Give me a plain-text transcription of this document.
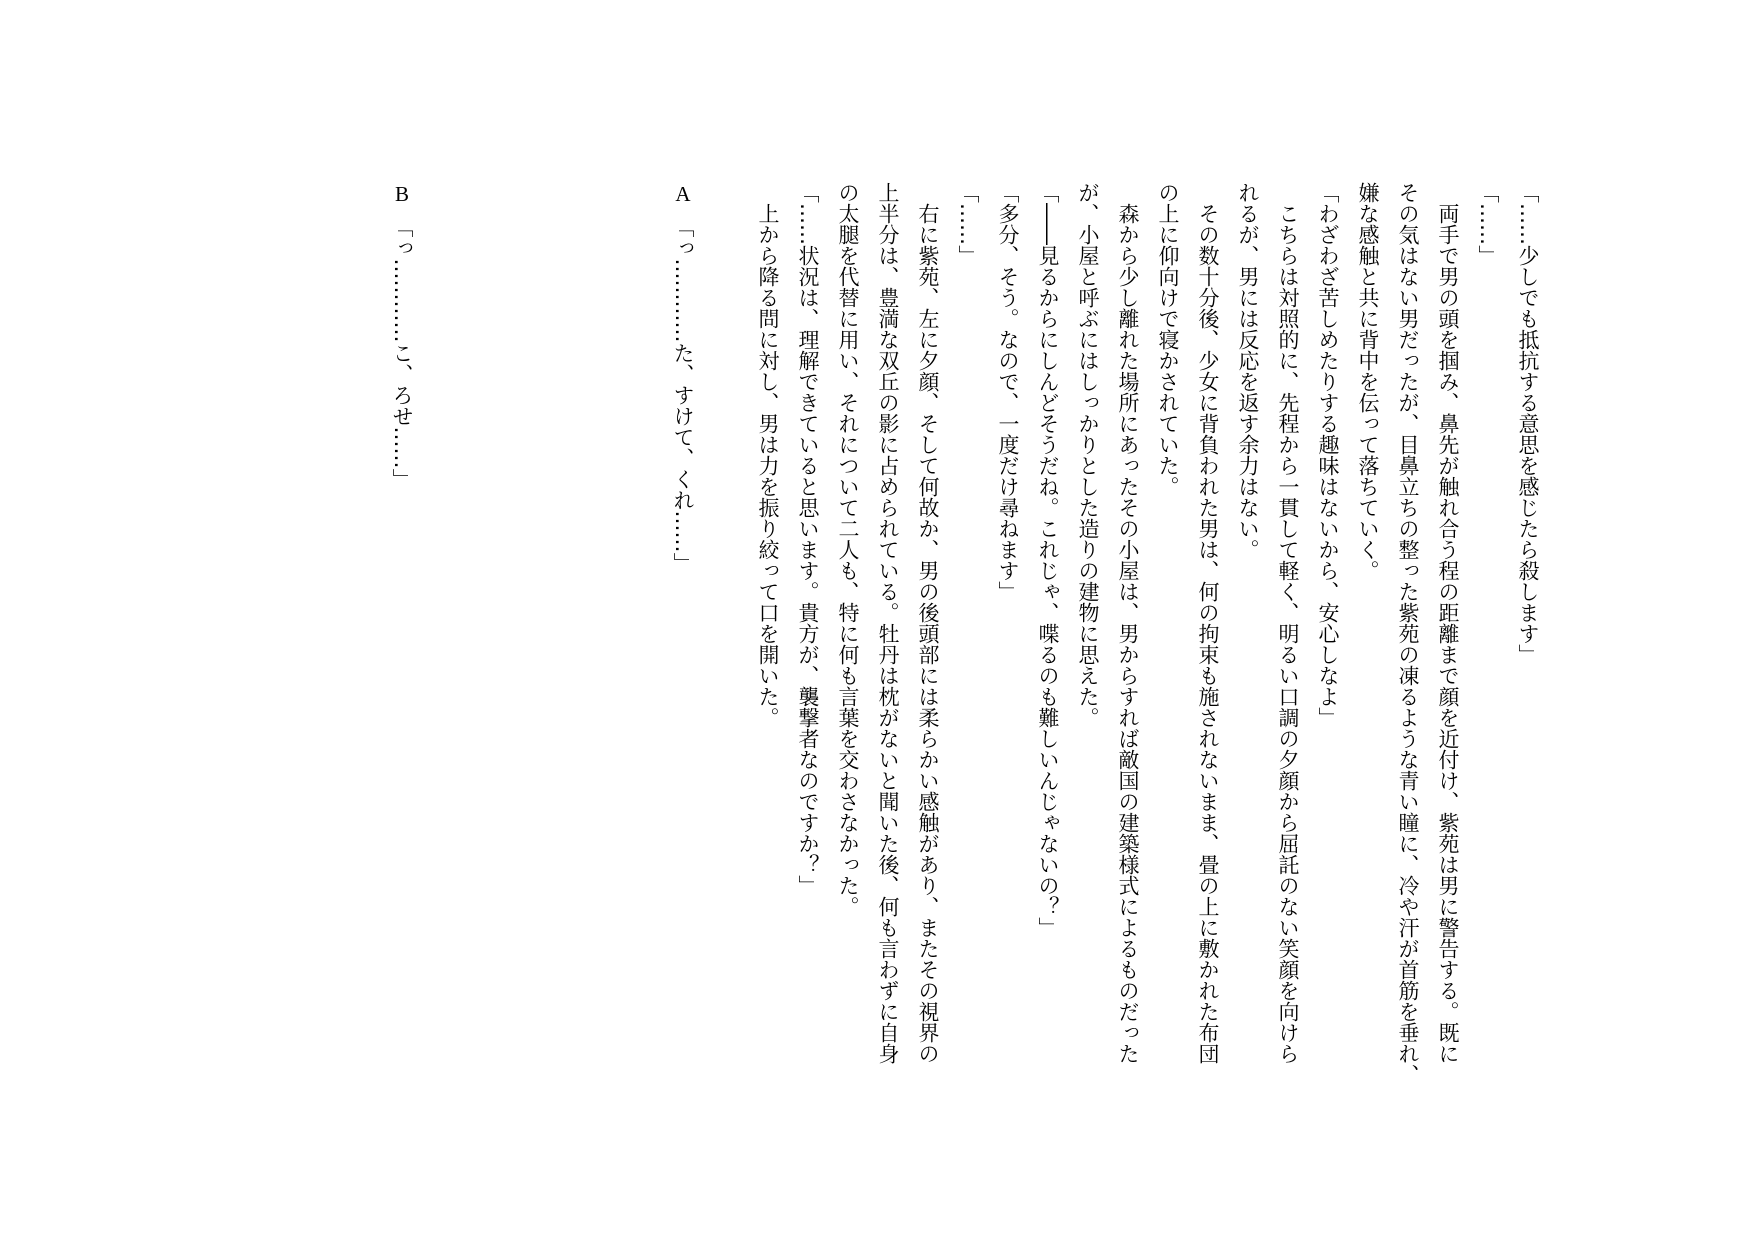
「……少しでも抵抗する意思を感じたら殺します」
「……」
　両手で男の頭を掴み、鼻先が触れ合う程の距離まで顔を近付け、紫苑は男に警告する。既に
その気はない男だったが、目鼻立ちの整った紫苑の凍るような青い瞳に、冷や汗が首筋を垂れ、
嫌な感触と共に背中を伝って落ちていく。
「わざわざ苦しめたりする趣味はないから、安心しなよ」
　こちらは対照的に、先程から一貫して軽く、明るい口調の夕顔から屈託のない笑顔を向けら
れるが、男には反応を返す余力はない。
　その数十分後、少女に背負われた男は、何の拘束も施されないまま、畳の上に敷かれた布団
の上に仰向けで寝かされていた。
　森から少し離れた場所にあったその小屋は、男からすれば敵国の建築様式によるものだった
が、小屋と呼ぶにはしっかりとした造りの建物に思えた。
「――見るからにしんどそうだね。これじゃ、喋るのも難しいんじゃないの？」
「多分、そう。なので、一度だけ尋ねます」
「……」
　右に紫苑、左に夕顔、そして何故か、男の後頭部には柔らかい感触があり、またその視界の
上半分は、豊満な双丘の影に占められている。牡丹は枕がないと聞いた後、何も言わずに自身
の太腿を代替に用い、それについて二人も、特に何も言葉を交わさなかった。
「……状況は、理解できていると思います。貴方が、襲撃者なのですか？」
　上から降る問に対し、男は力を振り絞って口を開いた。
A　「っ…………た、すけて、くれ……」
B　「っ…………こ、ろせ……」
